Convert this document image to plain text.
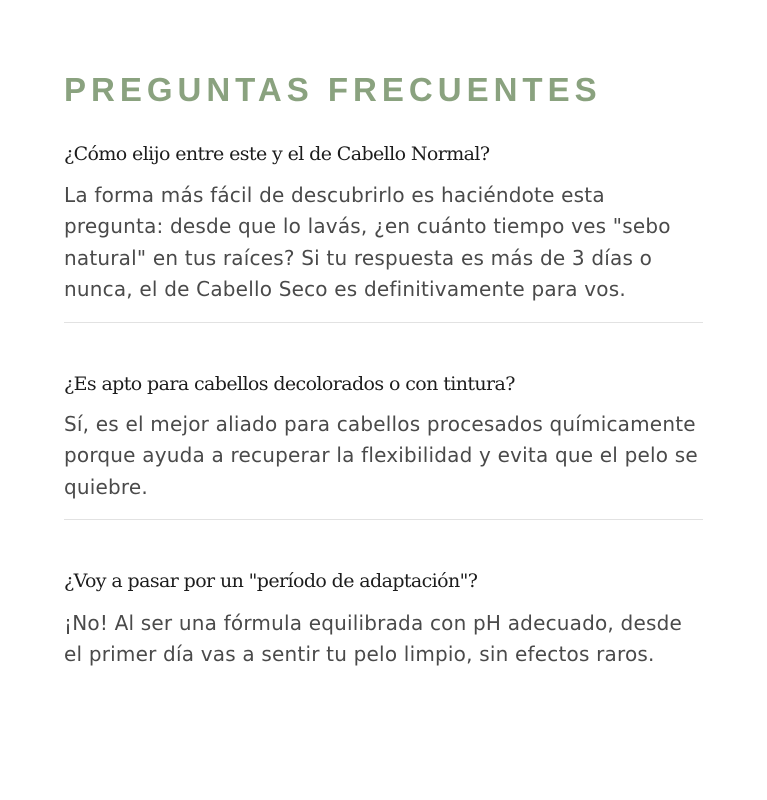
PREGUNTAS FRECUENTES
¿Cómo elijo entre este y el de Cabello Normal?

La forma más fácil de descubrirlo es haciéndote esta pregunta: desde que lo lavás, ¿en cuánto tiempo ves "sebo natural" en tus raíces? Si tu respuesta es más de 3 días o nunca, el de Cabello Seco es definitivamente para vos.

¿Es apto para cabellos decolorados o con tintura?

Sí, es el mejor aliado para cabellos procesados químicamente porque ayuda a recuperar la flexibilidad y evita que el pelo se quiebre.

¿Voy a pasar por un "período de adaptación"?

¡No! Al ser una fórmula equilibrada con pH adecuado, desde el primer día vas a sentir tu pelo limpio, sin efectos raros.
